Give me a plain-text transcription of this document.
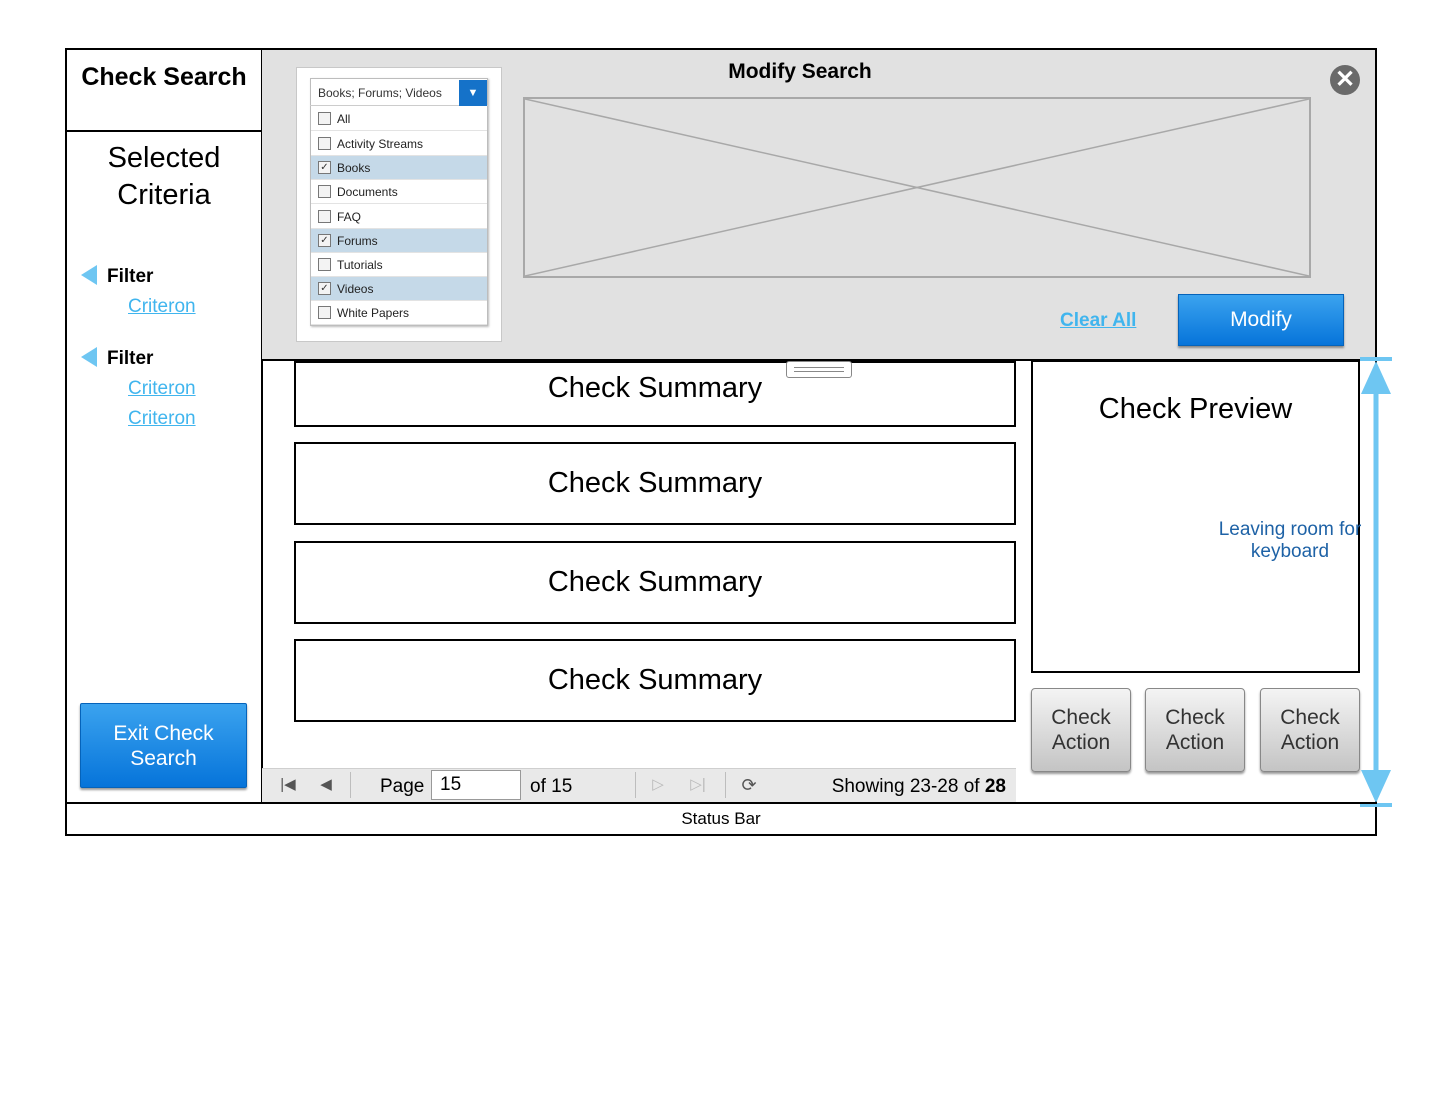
Check Search
Selected Criteria
Filter
Criteron
Filter
Criteron
Criteron
Exit Check Search
Modify Search	✕
Books; Forums; Videos	▼
All
Activity Streams
✓ Books
Documents
FAQ
✓ Forums
Tutorials
✓ Videos
White Papers	Clear All	Modify
Check Summary
Check Summary
Check Summary
Check Summary
Check Preview
Leaving room for keyboard
Check Action
Check Action
Check Action
|◀	◀	Page
15	of 15	▷	▷|	⟳	Showing 23-28 of 28
Status Bar
